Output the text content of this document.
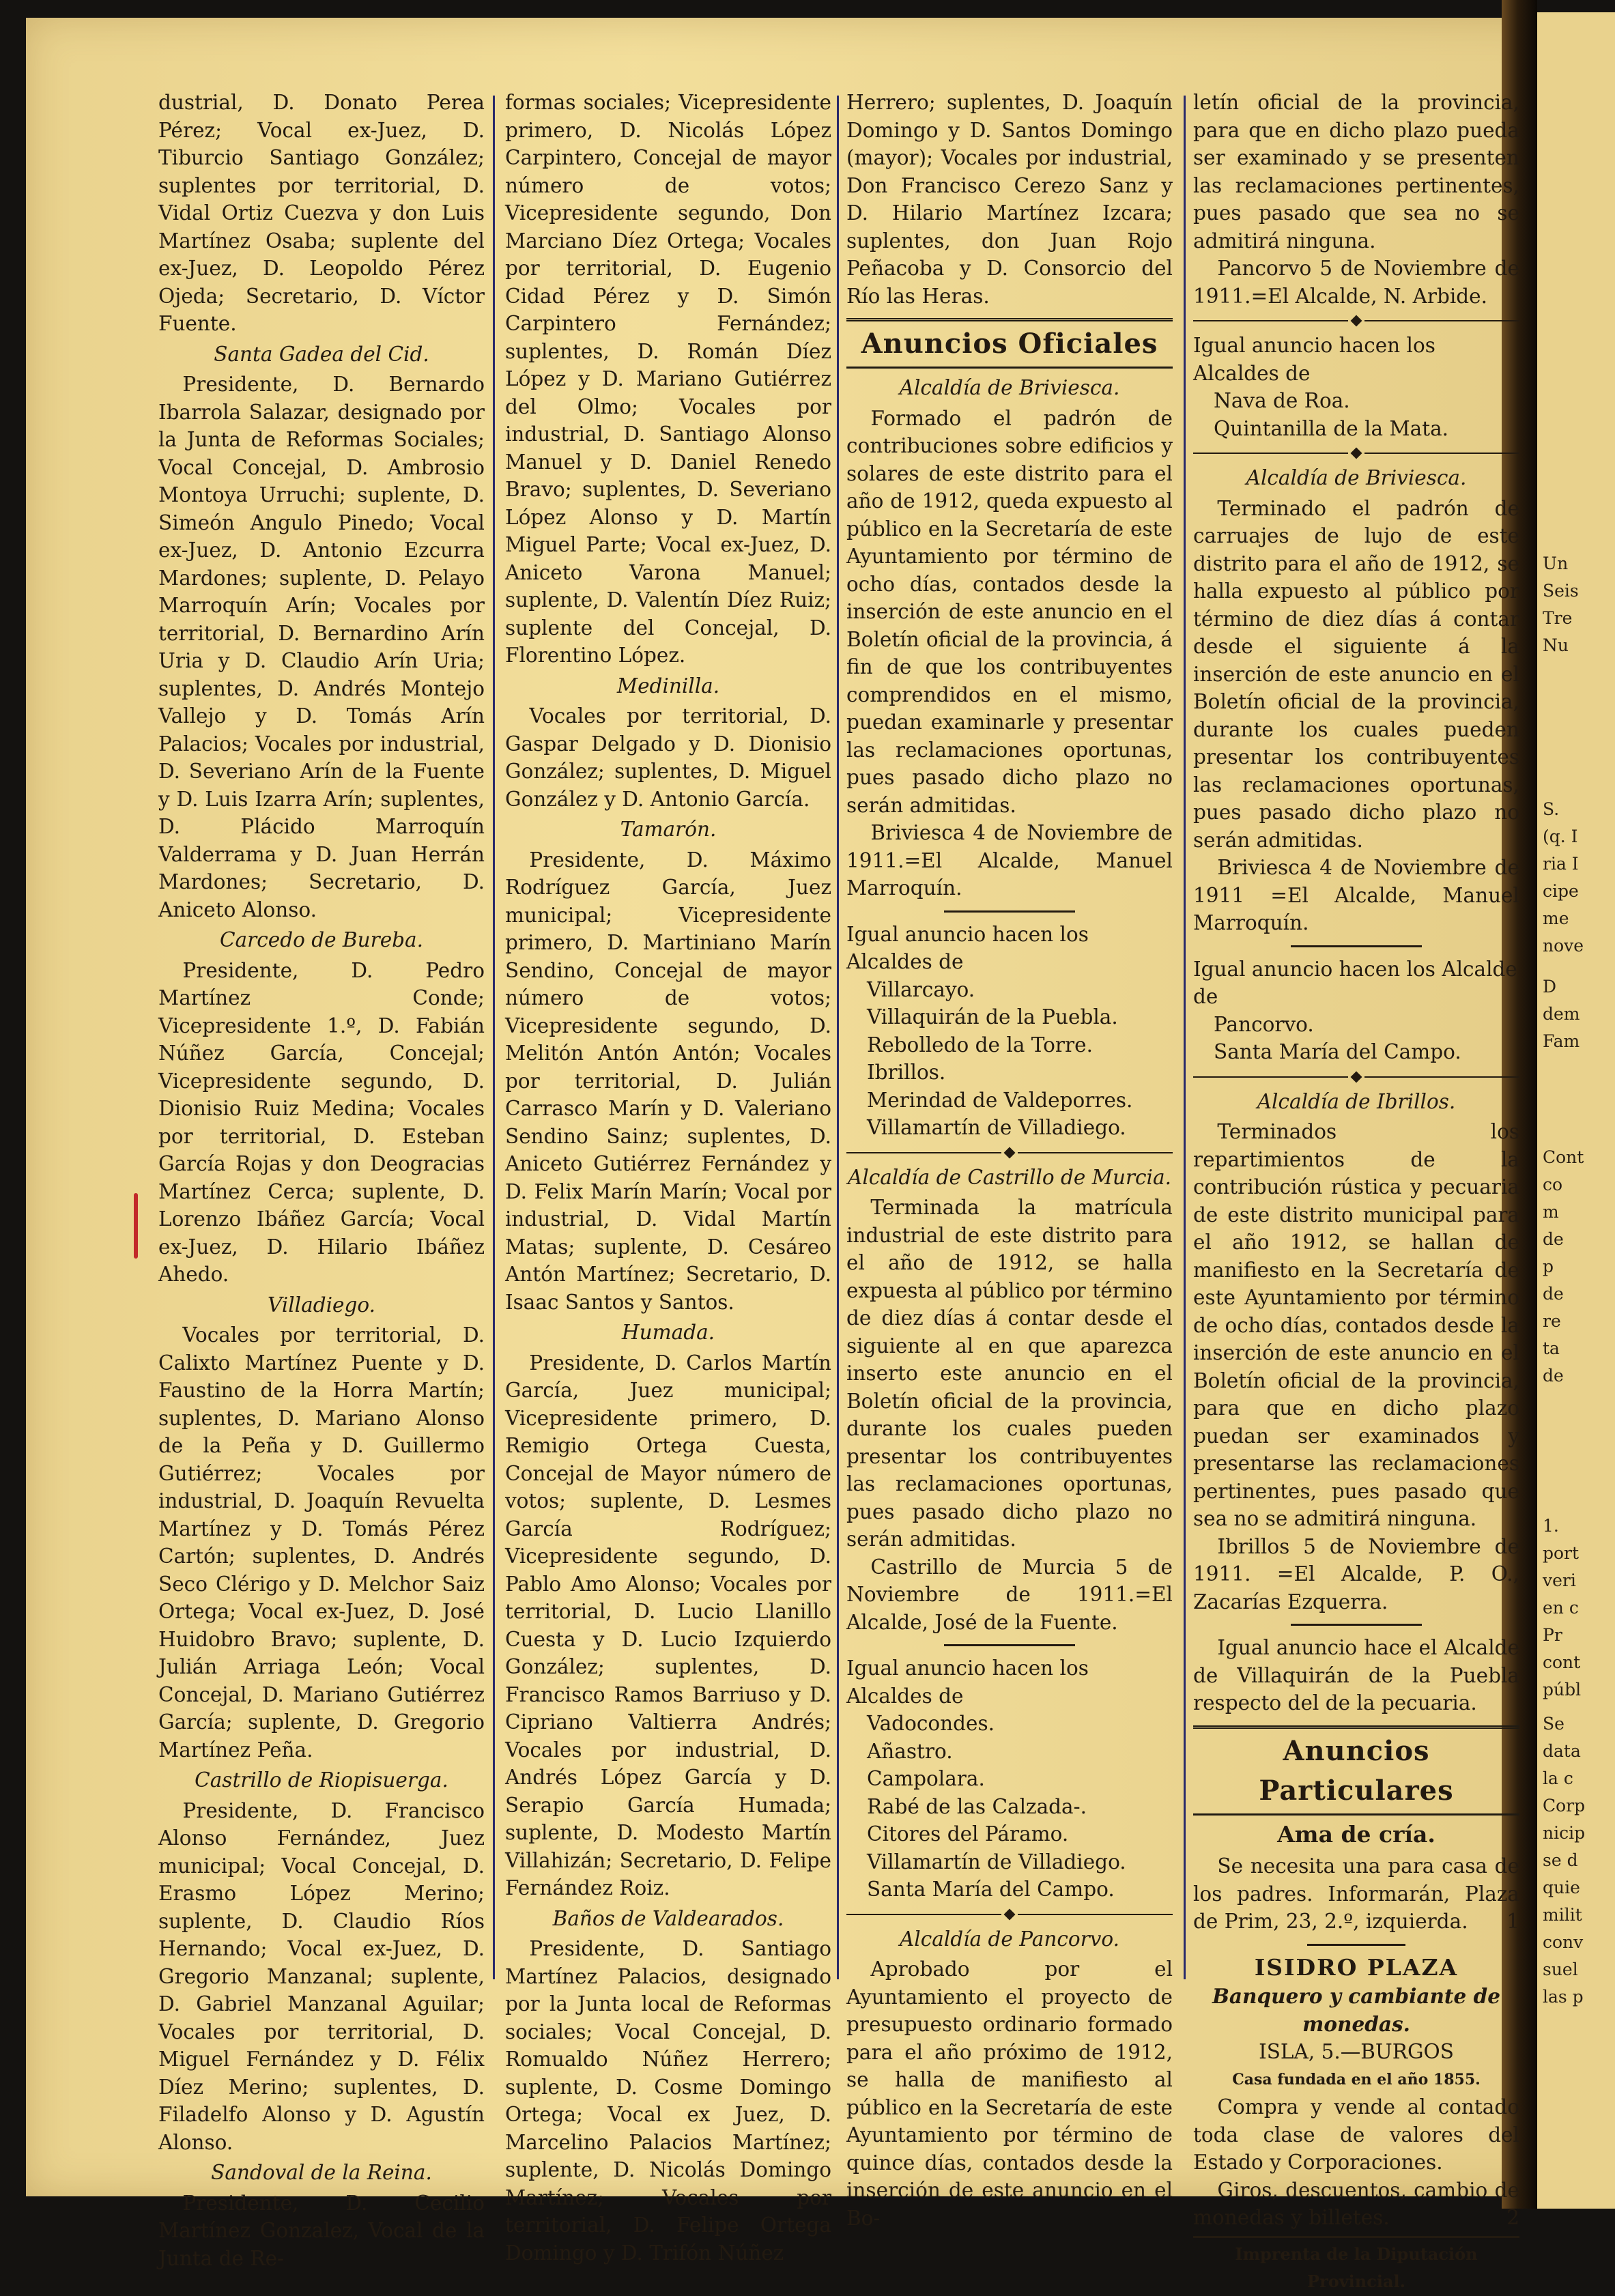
Un
Seis
Tre
Nu
S.
(q. I
ria I
cipe
me
nove
D
dem
Fam
Cont
co
m
de
p
de
re
ta
de
1.
port
veri
en c
Pr
cont
públ
Se
data
la c
Corp
nicip
se d
quie
milit
conv
suel
las p

dustrial, D. Donato Perea Pérez; Vocal ex-Juez, D. Tiburcio Santiago González; suplentes por territorial, D. Vidal Ortiz Cuezva y don Luis Martínez Osaba; suplente del ex-Juez, D. Leopoldo Pérez Ojeda; Secretario, D. Víctor Fuente.

Santa Gadea del Cid.

Presidente, D. Bernardo Ibarrola Salazar, designado por la Junta de Reformas Sociales; Vocal Concejal, D. Ambrosio Montoya Urruchi; suplente, D. Simeón Angulo Pinedo; Vocal ex-Juez, D. Antonio Ezcurra Mardones; suplente, D. Pelayo Marroquín Arín; Vocales por territorial, D. Bernardino Arín Uria y D. Claudio Arín Uria; suplentes, D. Andrés Montejo Vallejo y D. Tomás Arín Palacios; Vocales por industrial, D. Severiano Arín de la Fuente y D. Luis Izarra Arín; suplentes, D. Plácido Marroquín Valderrama y D. Juan Herrán Mardones; Secretario, D. Aniceto Alonso.

Carcedo de Bureba.

Presidente, D. Pedro Martínez Conde; Vicepresidente 1.º, D. Fabián Núñez García, Concejal; Vicepresidente segundo, D. Dionisio Ruiz Medina; Vocales por territorial, D. Esteban García Rojas y don Deogracias Martínez Cerca; suplente, D. Lorenzo Ibáñez García; Vocal ex-Juez, D. Hilario Ibáñez Ahedo.

Villadiego.

Vocales por territorial, D. Calixto Martínez Puente y D. Faustino de la Horra Martín; suplentes, D. Mariano Alonso de la Peña y D. Guillermo Gutiérrez; Vocales por industrial, D. Joaquín Revuelta Martínez y D. Tomás Pérez Cartón; suplentes, D. Andrés Seco Clérigo y D. Melchor Saiz Ortega; Vocal ex-Juez, D. José Huidobro Bravo; suplente, D. Julián Arriaga León; Vocal Concejal, D. Mariano Gutiérrez García; suplente, D. Gregorio Martínez Peña.

Castrillo de Riopisuerga.

Presidente, D. Francisco Alonso Fernández, Juez municipal; Vocal Concejal, D. Erasmo López Merino; suplente, D. Claudio Ríos Hernando; Vocal ex-Juez, D. Gregorio Manzanal; suplente, D. Gabriel Manzanal Aguilar; Vocales por territorial, D. Miguel Fernández y D. Félix Díez Merino; suplentes, D. Filadelfo Alonso y D. Agustín Alonso.

Sandoval de la Reina.

Presidente, D. Cecilio Martínez Gonzalez, Vocal de la Junta de Re-

formas sociales; Vicepresidente primero, D. Nicolás López Carpintero, Concejal de mayor número de votos; Vicepresidente segundo, Don Marciano Díez Ortega; Vocales por territorial, D. Eugenio Cidad Pérez y D. Simón Carpintero Fernández; suplentes, D. Román Díez López y D. Mariano Gutiérrez del Olmo; Vocales por industrial, D. Santiago Alonso Manuel y D. Daniel Renedo Bravo; suplentes, D. Severiano López Alonso y D. Martín Miguel Parte; Vocal ex-Juez, D. Aniceto Varona Manuel; suplente, D. Valentín Díez Ruiz; suplente del Concejal, D. Florentino López.

Medinilla.

Vocales por territorial, D. Gaspar Delgado y D. Dionisio González; suplentes, D. Miguel González y D. Antonio García.

Tamarón.

Presidente, D. Máximo Rodríguez García, Juez municipal; Vicepresidente primero, D. Martiniano Marín Sendino, Concejal de mayor número de votos; Vicepresidente segundo, D. Melitón Antón Antón; Vocales por territorial, D. Julián Carrasco Marín y D. Valeriano Sendino Sainz; suplentes, D. Aniceto Gutiérrez Fernández y D. Felix Marín Marín; Vocal por industrial, D. Vidal Martín Matas; suplente, D. Cesáreo Antón Martínez; Secretario, D. Isaac Santos y Santos.

Humada.

Presidente, D. Carlos Martín García, Juez municipal; Vicepresidente primero, D. Remigio Ortega Cuesta, Concejal de Mayor número de votos; suplente, D. Lesmes García Rodríguez; Vicepresidente segundo, D. Pablo Amo Alonso; Vocales por territorial, D. Lucio Llanillo Cuesta y D. Lucio Izquierdo González; suplentes, D. Francisco Ramos Barriuso y D. Cipriano Valtierra Andrés; Vocales por industrial, D. Andrés López García y D. Serapio García Humada; suplente, D. Modesto Martín Villahizán; Secretario, D. Felipe Fernández Roiz.

Baños de Valdearados.

Presidente, D. Santiago Martínez Palacios, designado por la Junta local de Reformas sociales; Vocal Concejal, D. Romualdo Núñez Herrero; suplente, D. Cosme Domingo Ortega; Vocal ex Juez, D. Marcelino Palacios Martínez; suplente, D. Nicolás Domingo Martínez; Vocales por territorial, D. Felipe Ortega Domingo y D. Trifón Núñez

Herrero; suplentes, D. Joaquín Domingo y D. Santos Domingo (mayor); Vocales por industrial, Don Francisco Cerezo Sanz y D. Hilario Martínez Izcara; suplentes, don Juan Rojo Peñacoba y D. Consorcio del Río las Heras.

Anuncios Oficiales

Alcaldía de Briviesca.

Formado el padrón de contribuciones sobre edificios y solares de este distrito para el año de 1912, queda expuesto al público en la Secretaría de este Ayuntamiento por término de ocho días, contados desde la inserción de este anuncio en el Boletín oficial de la provincia, á fin de que los contribuyentes comprendidos en el mismo, puedan examinarle y presentar las reclamaciones oportunas, pues pasado dicho plazo no serán admitidas.

Briviesca 4 de Noviembre de 1911.=El Alcalde, Manuel Marroquín.

Igual anuncio hacen los Alcaldes de

Villarcayo.
Villaquirán de la Puebla.
Rebolledo de la Torre.
Ibrillos.
Merindad de Valdeporres.
Villamartín de Villadiego.

Alcaldía de Castrillo de Murcia.

Terminada la matrícula industrial de este distrito para el año de 1912, se halla expuesta al público por término de diez días á contar desde el siguiente al en que aparezca inserto este anuncio en el Boletín oficial de la provincia, durante los cuales pueden presentar los contribuyentes las reclamaciones oportunas, pues pasado dicho plazo no serán admitidas.

Castrillo de Murcia 5 de Noviembre de 1911.=El Alcalde, José de la Fuente.

Igual anuncio hacen los Alcaldes de

Vadocondes.
Añastro.
Campolara.
Rabé de las Calzada-.
Citores del Páramo.
Villamartín de Villadiego.
Santa María del Campo.

Alcaldía de Pancorvo.

Aprobado por el Ayuntamiento el proyecto de presupuesto ordinario formado para el año próximo de 1912, se halla de manifiesto al público en la Secretaría de este Ayuntamiento por término de quince días, contados desde la inserción de este anuncio en el Bo-

letín oficial de la provincia, para que en dicho plazo pueda ser examinado y se presenten las reclamaciones pertinentes, pues pasado que sea no se admitirá ninguna.

Pancorvo 5 de Noviembre de 1911.=El Alcalde, N. Arbide.

Igual anuncio hacen los Alcaldes de

Nava de Roa.
Quintanilla de la Mata.

Alcaldía de Briviesca.

Terminado el padrón de carruajes de lujo de este distrito para el año de 1912, se halla expuesto al público por término de diez días á contar desde el siguiente á la inserción de este anuncio en el Boletín oficial de la provincia, durante los cuales pueden presentar los contribuyentes las reclamaciones oportunas, pues pasado dicho plazo no serán admitidas.

Briviesca 4 de Noviembre de 1911 =El Alcalde, Manuel Marroquín.

Igual anuncio hacen los Alcalde de

Pancorvo.
Santa María del Campo.

Alcaldía de Ibrillos.

Terminados los repartimientos de la contribución rústica y pecuaria de este distrito municipal para el año 1912, se hallan de manifiesto en la Secretaría de este Ayuntamiento por término de ocho días, contados desde la inserción de este anuncio en el Boletín oficial de la provincia, para que en dicho plazo puedan ser examinados y presentarse las reclamaciones pertinentes, pues pasado que sea no se admitirá ninguna.

Ibrillos 5 de Noviembre de 1911. =El Alcalde, P. O., Zacarías Ezquerra.

Igual anuncio hace el Alcalde de Villaquirán de la Puebla respecto del de la pecuaria.

Anuncios Particulares

Ama de cría.

Se necesita una para casa de los padres. Informarán, Plaza de Prim, 23, 2.º, izquierda.	1

ISIDRO PLAZA

Banquero y cambiante de monedas.

ISLA, 5.—BURGOS

Casa fundada en el año 1855.

Compra y vende al contado toda clase de valores del Estado y Corporaciones.

Giros, descuentos, cambio de monedas y billetes.	2

Imprenta de la Diputación Provincial.
